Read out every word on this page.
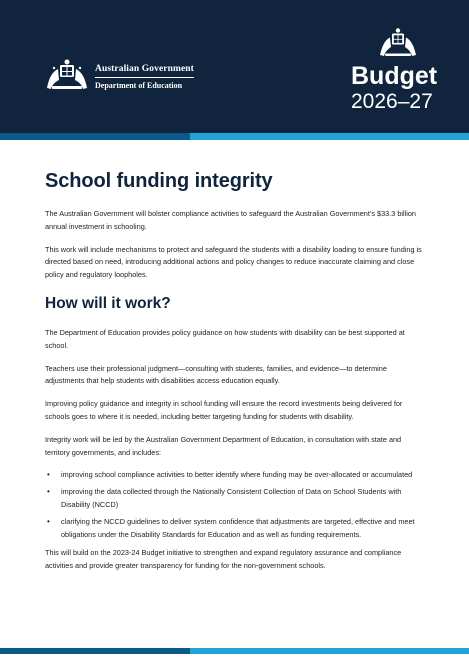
Australian Government
Department of Education	Budget
2026–27
School funding integrity

The Australian Government will bolster compliance activities to safeguard the Australian Government’s $33.3 billion annual investment in schooling.

This work will include mechanisms to protect and safeguard the students with a disability loading to ensure funding is directed based on need, introducing additional actions and policy changes to reduce inaccurate claiming and close policy and regulatory loopholes.

How will it work?

The Department of Education provides policy guidance on how students with disability can be best supported at school.

Teachers use their professional judgment—consulting with students, families, and evidence—to determine adjustments that help students with disabilities access education equally.

Improving policy guidance and integrity in school funding will ensure the record investments being delivered for schools goes to where it is needed, including better targeting funding for students with disability.

Integrity work will be led by the Australian Government Department of Education, in consultation with state and territory governments, and includes:

• improving school compliance activities to better identify where funding may be over-allocated or accumulated
• improving the data collected through the Nationally Consistent Collection of Data on School Students with Disability (NCCD)
• clarifying the NCCD guidelines to deliver system confidence that adjustments are targeted, effective and meet obligations under the Disability Standards for Education and as well as funding requirements.

This will build on the 2023-24 Budget initiative to strengthen and expand regulatory assurance and compliance activities and provide greater transparency for funding for the non-government schools.
